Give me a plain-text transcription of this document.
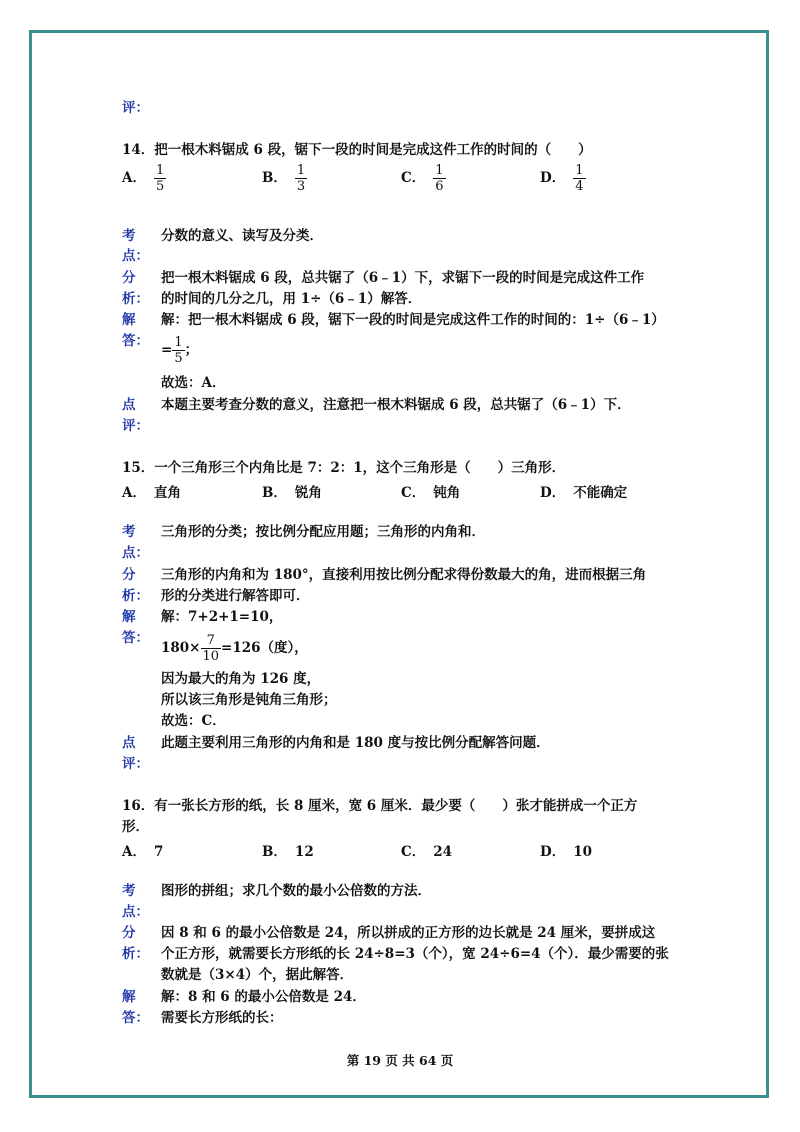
评：
14．把一根木料锯成 6 段，锯下一段的时间是完成这件工作的时间的（　　）
A． $\frac{1}{5}$	B． $\frac{1}{3}$	C． $\frac{1}{6}$	D． $\frac{1}{4}$
考
点：
分数的意义、读写及分类．
分
析：
把一根木料锯成 6 段，总共锯了（6﹣1）下，求锯下一段的时间是完成这件工作
的时间的几分之几，用 1÷（6﹣1）解答．
解
答：
解：把一根木料锯成 6 段，锯下一段的时间是完成这件工作的时间的：1÷（6﹣1）
= $\frac{1}{5}$ ；
故选：A．
点
评：
本题主要考查分数的意义，注意把一根木料锯成 6 段，总共锯了（6﹣1）下．
15．一个三角形三个内角比是 7：2：1，这个三角形是（　　）三角形．
A． 直角	B． 锐角	C． 钝角	D． 不能确定
考
点：
三角形的分类；按比例分配应用题；三角形的内角和．
分
析：
三角形的内角和为 180°，直接利用按比例分配求得份数最大的角，进而根据三角
形的分类进行解答即可．
解
答：
解：7+2+1=10，
$180\times \frac{7}{10} =126$（度），
因为最大的角为 126 度，
所以该三角形是钝角三角形；
故选：C．
点
评：
此题主要利用三角形的内角和是 180 度与按比例分配解答问题．
16．有一张长方形的纸，长 8 厘米，宽 6 厘米．最少要（　　）张才能拼成一个正方
形．
A． 7	B． 12	C． 24	D． 10
考
点：
图形的拼组；求几个数的最小公倍数的方法．
分
析：
因 8 和 6 的最小公倍数是 24，所以拼成的正方形的边长就是 24 厘米，要拼成这
个正方形，就需要长方形纸的长 24÷8=3（个），宽 24÷6=4（个）．最少需要的张
数就是（3×4）个，据此解答．
解
答：
解：8 和 6 的最小公倍数是 24．
需要长方形纸的长：
第 19 页 共 64 页
